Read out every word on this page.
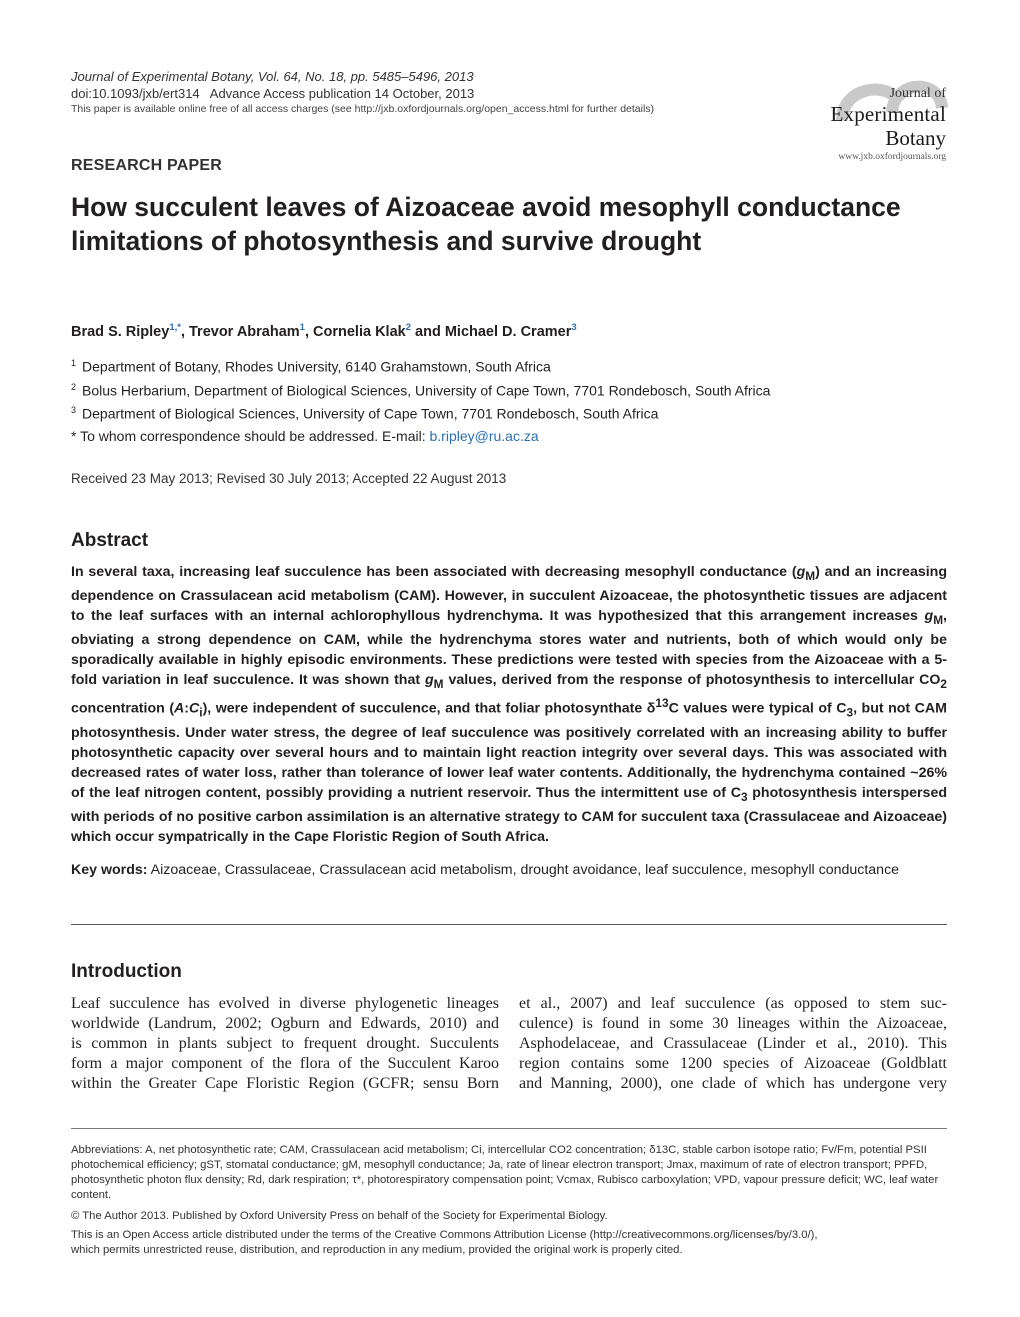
Journal of Experimental Botany, Vol. 64, No. 18, pp. 5485–5496, 2013
doi:10.1093/jxb/ert314   Advance Access publication 14 October, 2013
This paper is available online free of all access charges (see http://jxb.oxfordjournals.org/open_access.html for further details)
Journal of
Experimental
Botany
www.jxb.oxfordjournals.org
RESEARCH PAPER
How succulent leaves of Aizoaceae avoid mesophyll conductance limitations of photosynthesis and survive drought
Brad S. Ripley$^{1,*}$, Trevor Abraham$^1$, Cornelia Klak$^2$ and Michael D. Cramer$^3$
$^1$ Department of Botany, Rhodes University, 6140 Grahamstown, South Africa
$^2$ Bolus Herbarium, Department of Biological Sciences, University of Cape Town, 7701 Rondebosch, South Africa
$^3$ Department of Biological Sciences, University of Cape Town, 7701 Rondebosch, South Africa
* To whom correspondence should be addressed. E-mail: b.ripley@ru.ac.za
Received 23 May 2013; Revised 30 July 2013; Accepted 22 August 2013
Abstract
In several taxa, increasing leaf succulence has been associated with decreasing mesophyll conductance $(g_M)$ and an increasing dependence on Crassulacean acid metabolism (CAM). However, in succulent Aizoaceae, the photosynthetic tissues are adjacent to the leaf surfaces with an internal achlorophyllous hydrenchyma. It was hypothesized that this arrangement increases $g_M$, obviating a strong dependence on CAM, while the hydrenchyma stores water and nutrients, both of which would only be sporadically available in highly episodic environments. These predictions were tested with species from the Aizoaceae with a 5-fold variation in leaf succulence. It was shown that $g_M$ values, derived from the response of photosynthesis to intercellular $CO_2$ concentration $(A:C_i)$, were independent of succulence, and that foliar photosynthate $\delta^{13}C$ values were typical of $C_3$, but not CAM photosynthesis. Under water stress, the degree of leaf succulence was positively correlated with an increasing ability to buffer photosynthetic capacity over several hours and to maintain light reaction integrity over several days. This was associated with decreased rates of water loss, rather than tolerance of lower leaf water contents. Additionally, the hydrenchyma contained ~26% of the leaf nitrogen content, possibly providing a nutrient reservoir. Thus the intermittent use of $C_3$ photosynthesis interspersed with periods of no positive carbon assimilation is an alternative strategy to CAM for succulent taxa (Crassulaceae and Aizoaceae) which occur sympatrically in the Cape Floristic Region of South Africa.
Key words: Aizoaceae, Crassulaceae, Crassulacean acid metabolism, drought avoidance, leaf succulence, mesophyll conductance
Introduction
Leaf succulence has evolved in diverse phylogenetic lineages
worldwide (Landrum, 2002; Ogburn and Edwards, 2010) and
is common in plants subject to frequent drought. Succulents
form a major component of the flora of the Succulent Karoo
within the Greater Cape Floristic Region (GCFR; sensu Born
et al., 2007) and leaf succulence (as opposed to stem suc-
culence) is found in some 30 lineages within the Aizoaceae,
Asphodelaceae, and Crassulaceae (Linder et al., 2010). This
region contains some 1200 species of Aizoaceae (Goldblatt
and Manning, 2000), one clade of which has undergone very
Abbreviations: A, net photosynthetic rate; CAM, Crassulacean acid metabolism; Ci, intercellular CO2 concentration; δ13C, stable carbon isotope ratio; Fv/Fm, potential PSII photochemical efficiency; gST, stomatal conductance; gM, mesophyll conductance; Ja, rate of linear electron transport; Jmax, maximum of rate of electron transport; PPFD, photosynthetic photon flux density; Rd, dark respiration; τ*, photorespiratory compensation point; Vcmax, Rubisco carboxylation; VPD, vapour pressure deficit; WC, leaf water content.
© The Author 2013. Published by Oxford University Press on behalf of the Society for Experimental Biology.
This is an Open Access article distributed under the terms of the Creative Commons Attribution License (http://creativecommons.org/licenses/by/3.0/),
which permits unrestricted reuse, distribution, and reproduction in any medium, provided the original work is properly cited.
